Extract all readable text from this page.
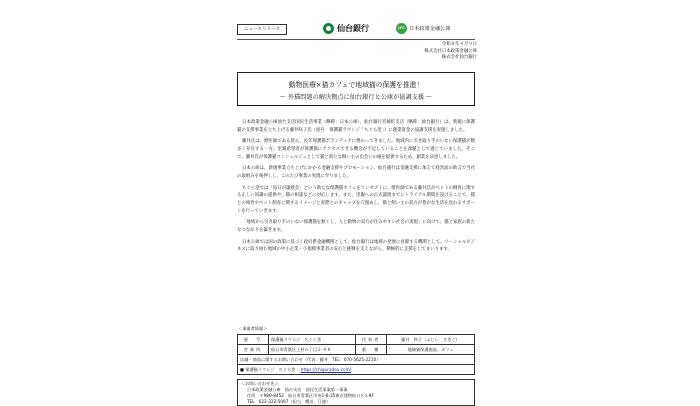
ニュースリリース	仙台銀行	JFC 日本政策金融公庫
令和８年４月９日
株式会社日本政策金融公庫
株式会社仙台銀行
動物医療×猫カフェで地域猫の保護を推進！
～ 外猫問題の解決拠点に仙台銀行と公庫が協調支援 ～

日本政策金融公庫仙台支店国民生活事業（略称：日本公庫）、仙台銀行宮城町支店（略称：仙台銀行）は、新規に保護猫の支援事業を立ち上げる藤井咲子氏（屋号：保護猫ラウンジ「ちぐら堂」）に創業資金の協調支援を実施しました。

藤井氏は、獣医師である傍ら、長年保護猫ボランティアに携わってきました。地域内に引き取り手のいない保護猫が数多く存在する一方、里親希望者が保護猫にアクセスできる機会が不足していることを課題として感じていました。そこで、藤井氏が保護猫コンシェルジュとして猫と新たな飼い主の出会いの場を提供するため、創業を決意しました。

日本公庫は、新規事業立ち上げにかかる金融支援やプロモーション、仙台銀行は金融支援に加えて経営面の助言で当社の取組みを後押しし、このたび事業の実現に至りました。

ちぐら堂では「毎日が譲渡会」という新たな保護猫カフェをコンセプトに、獣医師である藤井氏がペットの飼育に関する正しい知識の提供や、猫の相談などに対応します。また、里親への正式譲渡までにトライアル期間を設けることで、猫との相性やペット飼育に関するイメージと実際とのギャップを穴埋めし、猫と飼い主の双方が豊かな生活を送れるサポートを行っていきます。

「地域から引き取り手のいない保護猫を無くし、人と動物の双方が住みやすい社会の実現」に向けて、猫と家族の新たなつながりを築きます。

日本公庫では国の政策に基づく政府系金融機関として、仙台銀行は地域の発展に貢献する機関として、ソーシャルビジネスに取り組む地域の中小企業・小規模事業者の安心と挑戦を支えながら、積極的に支援をしてまいります。

＜事業者情報＞
屋　号	保護猫ラウンジ　ちぐら堂	代表者	藤井　咲子（ふじい　さきこ）
営業所	仙台市青葉区上杉６丁目２-８８	業　種	地域猫保護施設、カフェ
店舗・商品に関するお問い合わせ（代表：藤井　TEL：070-5625-2210）			
■ 保護猫ラウンジ　ちぐら堂 https://chiguradou.com/			
＜お問い合わせ先＞
日本政策金融公庫　仙台支店　国民生活事業第一事業
住所　〒980-8452　仙台市青葉区中央1-6-35東京建物仙台ビル9F
TEL　022-222-5097（担当：櫻田、江連）
